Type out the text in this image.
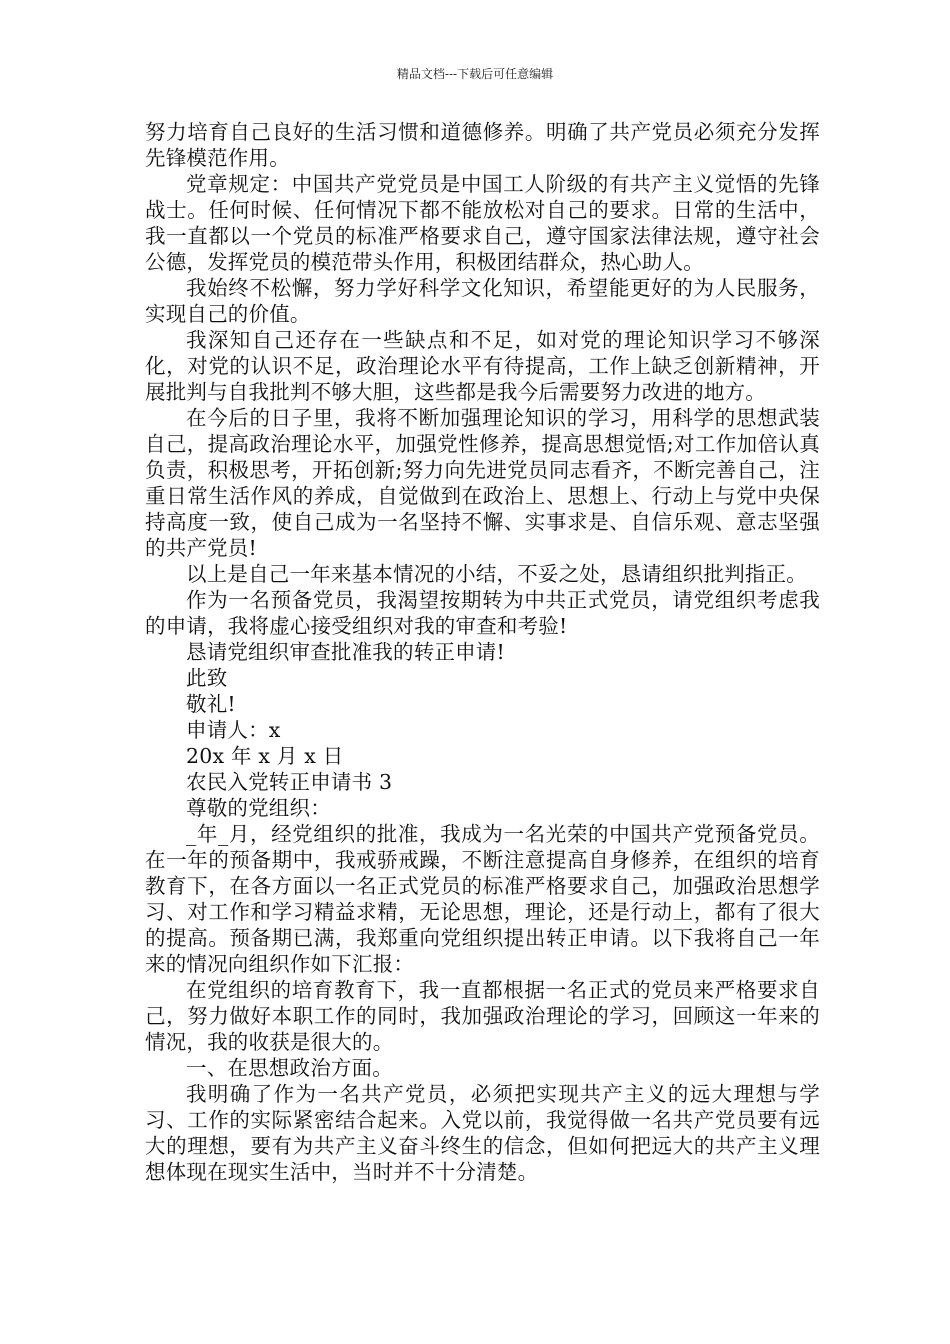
精品文档---下载后可任意编辑

努力培育自己良好的生活习惯和道德修养。明确了共产党员必须充分发挥先锋模范作用。

党章规定：中国共产党党员是中国工人阶级的有共产主义觉悟的先锋战士。任何时候、任何情况下都不能放松对自己的要求。日常的生活中，我一直都以一个党员的标准严格要求自己，遵守国家法律法规，遵守社会公德，发挥党员的模范带头作用，积极团结群众，热心助人。

我始终不松懈，努力学好科学文化知识，希望能更好的为人民服务，实现自己的价值。

我深知自己还存在一些缺点和不足，如对党的理论知识学习不够深化，对党的认识不足，政治理论水平有待提高，工作上缺乏创新精神，开展批判与自我批判不够大胆，这些都是我今后需要努力改进的地方。

在今后的日子里，我将不断加强理论知识的学习，用科学的思想武装自己，提高政治理论水平，加强党性修养，提高思想觉悟;对工作加倍认真负责，积极思考，开拓创新;努力向先进党员同志看齐，不断完善自己，注重日常生活作风的养成，自觉做到在政治上、思想上、行动上与党中央保持高度一致，使自己成为一名坚持不懈、实事求是、自信乐观、意志坚强的共产党员!

以上是自己一年来基本情况的小结，不妥之处，恳请组织批判指正。

作为一名预备党员，我渴望按期转为中共正式党员，请党组织考虑我的申请，我将虚心接受组织对我的审查和考验!

恳请党组织审查批准我的转正申请!

此致

敬礼!

申请人：x

20x 年 x 月 x 日

农民入党转正申请书 3

尊敬的党组织：

_年_月，经党组织的批准，我成为一名光荣的中国共产党预备党员。在一年的预备期中，我戒骄戒躁，不断注意提高自身修养，在组织的培育教育下，在各方面以一名正式党员的标准严格要求自己，加强政治思想学习、对工作和学习精益求精，无论思想，理论，还是行动上，都有了很大的提高。预备期已满，我郑重向党组织提出转正申请。以下我将自己一年来的情况向组织作如下汇报：

在党组织的培育教育下，我一直都根据一名正式的党员来严格要求自己，努力做好本职工作的同时，我加强政治理论的学习，回顾这一年来的情况，我的收获是很大的。

一、在思想政治方面。

我明确了作为一名共产党员，必须把实现共产主义的远大理想与学习、工作的实际紧密结合起来。入党以前，我觉得做一名共产党员要有远大的理想，要有为共产主义奋斗终生的信念，但如何把远大的共产主义理想体现在现实生活中，当时并不十分清楚。
